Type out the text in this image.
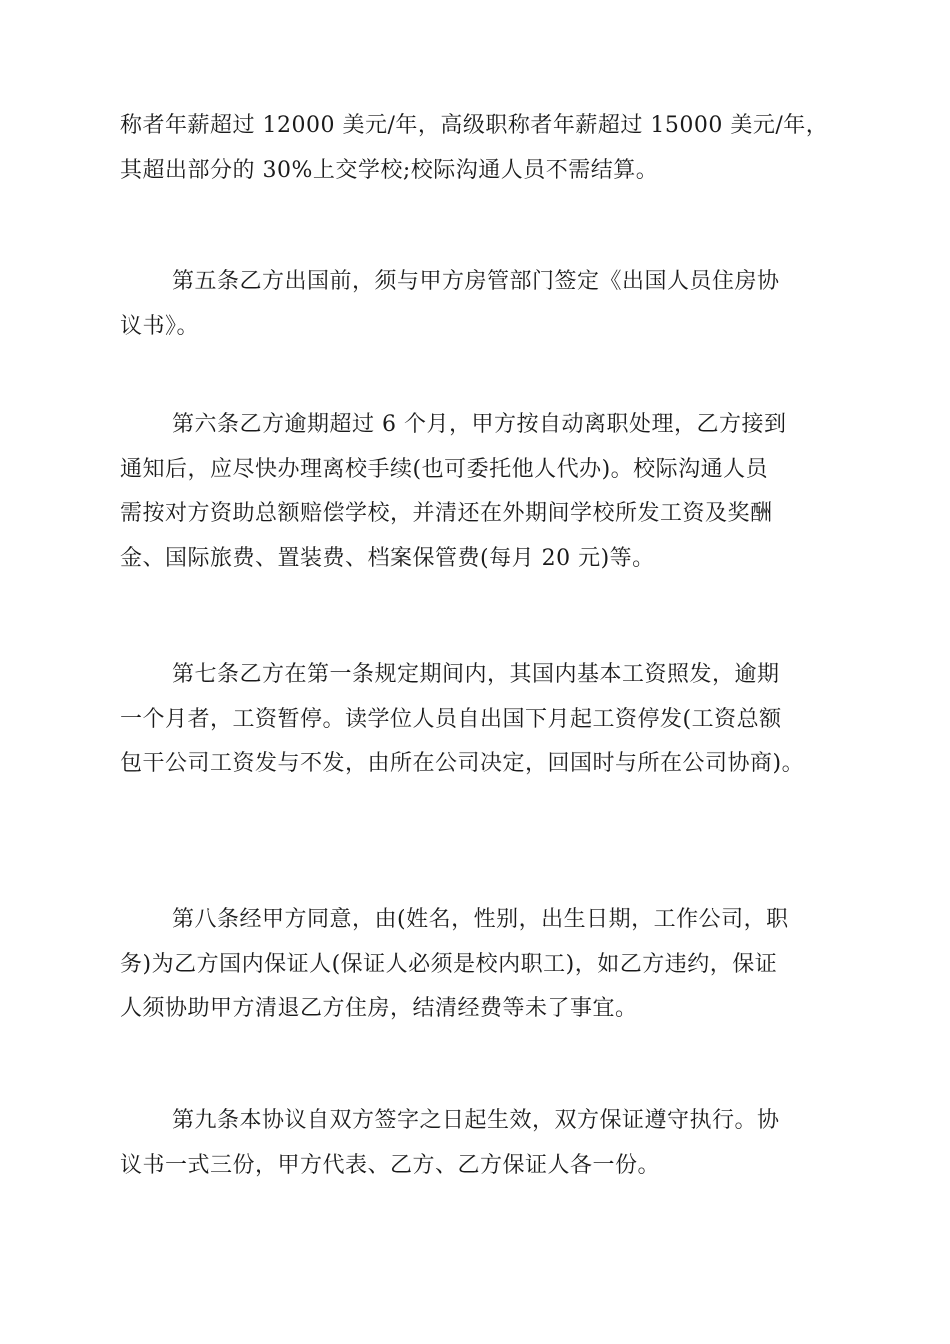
称者年薪超过 12000 美元/年，高级职称者年薪超过 15000 美元/年，
其超出部分的 30%上交学校;校际沟通人员不需结算。
第五条乙方出国前，须与甲方房管部门签定《出国人员住房协
议书》。
第六条乙方逾期超过 6 个月，甲方按自动离职处理，乙方接到
通知后，应尽快办理离校手续(也可委托他人代办)。校际沟通人员
需按对方资助总额赔偿学校，并清还在外期间学校所发工资及奖酬
金、国际旅费、置装费、档案保管费(每月 20 元)等。
第七条乙方在第一条规定期间内，其国内基本工资照发，逾期
一个月者，工资暂停。读学位人员自出国下月起工资停发(工资总额
包干公司工资发与不发，由所在公司决定，回国时与所在公司协商)。
第八条经甲方同意，由(姓名，性别，出生日期，工作公司，职
务)为乙方国内保证人(保证人必须是校内职工)，如乙方违约，保证
人须协助甲方清退乙方住房，结清经费等未了事宜。
第九条本协议自双方签字之日起生效，双方保证遵守执行。协
议书一式三份，甲方代表、乙方、乙方保证人各一份。
